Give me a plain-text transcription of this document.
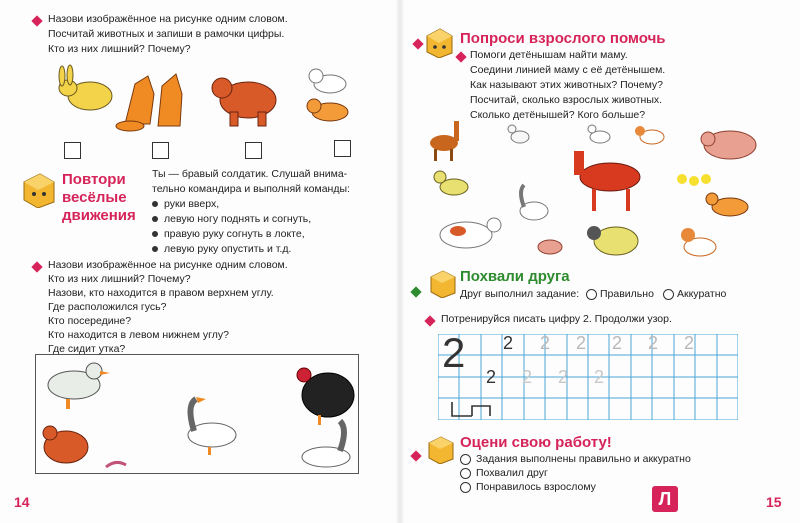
Назови изображённое на рисунке одним словом.
Посчитай животных и запиши в рамочки цифры.
Кто из них лишний? Почему?
Повтори
весёлые
движения
Ты — бравый солдатик. Слушай внима-
тельно командира и выполняй команды:
руки вверх,
левую ногу поднять и согнуть,
правую руку согнуть в локте,
левую руку опустить и т.д.
Назови изображённое на рисунке одним словом.
Кто из них лишний? Почему?
Назови, кто находится в правом верхнем углу.
Где расположился гусь?
Кто посередине?
Кто находится в левом нижнем углу?
Где сидит утка?
14
Попроси взрослого помочь
Помоги детёнышам найти маму.
Соедини линией маму с её детёнышем.
Как называют этих животных? Почему?
Посчитай, сколько взрослых животных.
Сколько детёнышей? Кого больше?
Похвали друга
Друг выполнил задание: Правильно Аккуратно
Потренируйся писать цифру 2. Продолжи узор.
2 2 2 2 2 2 2
2 2 2 2
Оцени свою работу!
Задания выполнены правильно и аккуратно
Похвалил друг
Понравилось взрослому
Л	15
